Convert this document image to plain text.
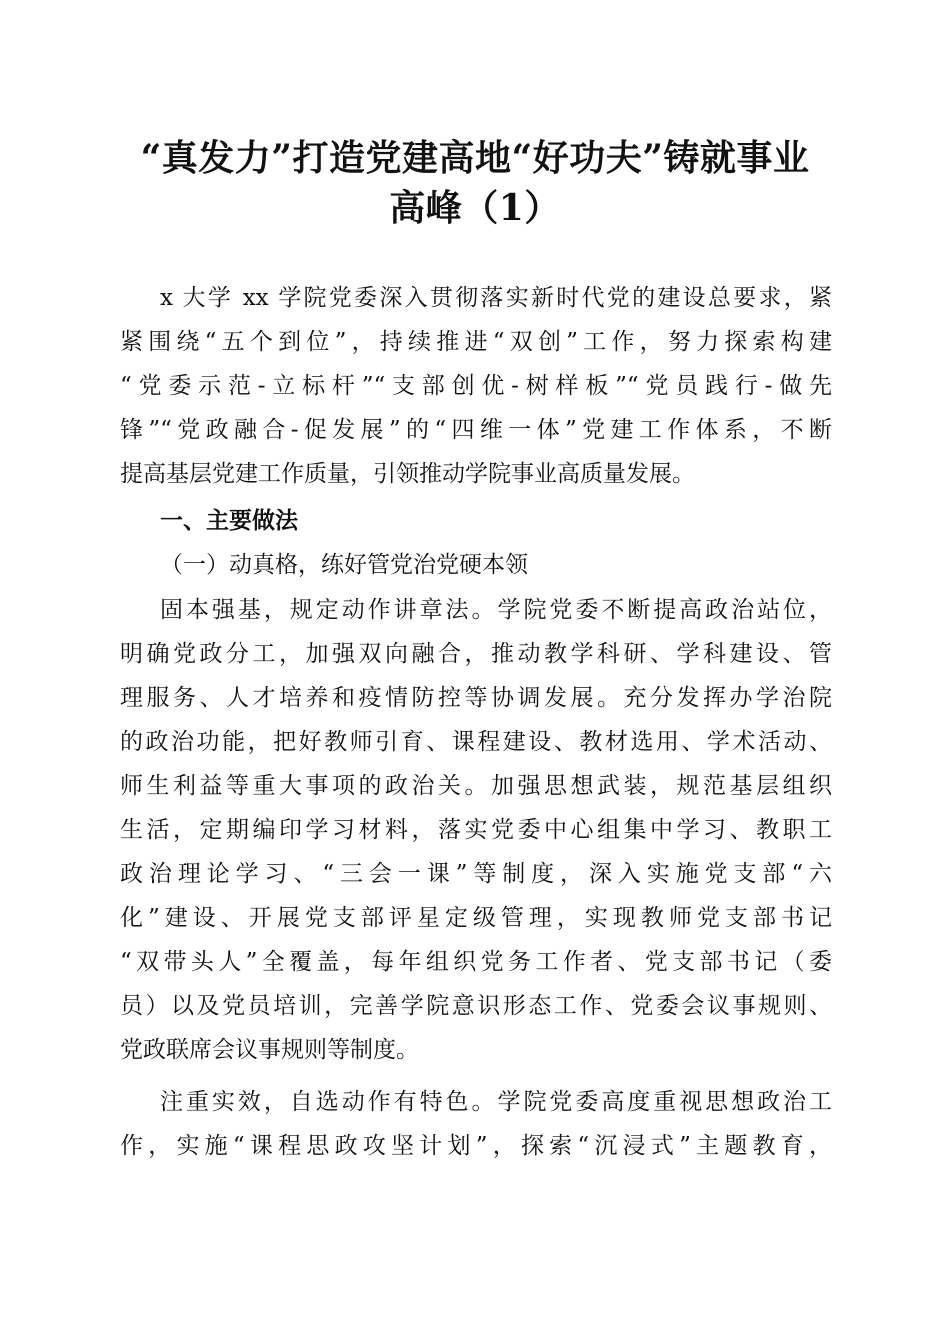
“真发力”打造党建高地“好功夫”铸就事业
高峰（1）

x 大学 xx 学院党委深入贯彻落实新时代党的建设总要求，紧

紧围绕“五个到位”，持续推进“双创”工作，努力探索构建

“党委示范-立标杆”“支部创优-树样板”“党员践行-做先

锋”“党政融合-促发展”的“四维一体”党建工作体系，不断

提高基层党建工作质量，引领推动学院事业高质量发展。

一、主要做法

（一）动真格，练好管党治党硬本领

固本强基，规定动作讲章法。学院党委不断提高政治站位，

明确党政分工，加强双向融合，推动教学科研、学科建设、管

理服务、人才培养和疫情防控等协调发展。充分发挥办学治院

的政治功能，把好教师引育、课程建设、教材选用、学术活动、

师生利益等重大事项的政治关。加强思想武装，规范基层组织

生活，定期编印学习材料，落实党委中心组集中学习、教职工

政治理论学习、“三会一课”等制度，深入实施党支部“六

化”建设、开展党支部评星定级管理，实现教师党支部书记

“双带头人”全覆盖，每年组织党务工作者、党支部书记（委

员）以及党员培训，完善学院意识形态工作、党委会议事规则、

党政联席会议事规则等制度。

注重实效，自选动作有特色。学院党委高度重视思想政治工

作，实施“课程思政攻坚计划”，探索“沉浸式”主题教育，
